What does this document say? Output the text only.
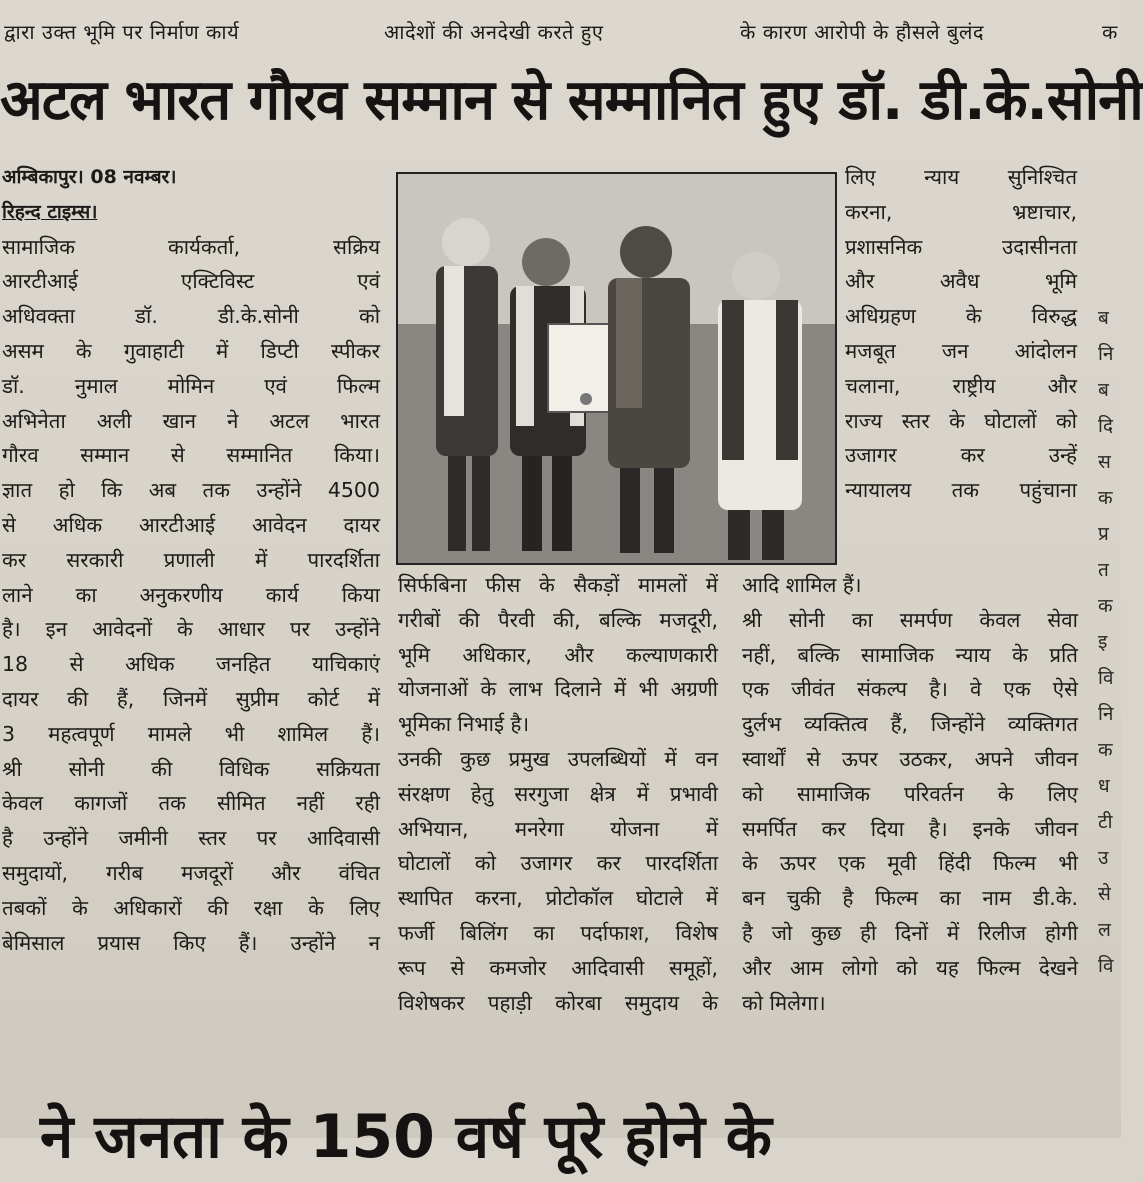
द्वारा उक्त भूमि पर निर्माण कार्य	आदेशों की अनदेखी करते हुए	के कारण आरोपी के हौसले बुलंद	क
अटल भारत गौरव सम्मान से सम्मानित हुए डॉ. डी.के.सोनी
अम्बिकापुर। 08 नवम्बर।
रिहन्द टाइम्स।
सामाजिक कार्यकर्ता, सक्रिय
आरटीआई एक्टिविस्ट एवं
अधिवक्ता डॉ. डी.के.सोनी को
असम के गुवाहाटी में डिप्टी स्पीकर
डॉ. नुमाल मोमिन एवं फिल्म
अभिनेता अली खान ने अटल भारत
गौरव सम्मान से सम्मानित किया।
ज्ञात हो कि अब तक उन्होंने 4500
से अधिक आरटीआई आवेदन दायर
कर सरकारी प्रणाली में पारदर्शिता
लाने का अनुकरणीय कार्य किया
है। इन आवेदनों के आधार पर उन्होंने
18 से अधिक जनहित याचिकाएं
दायर की हैं, जिनमें सुप्रीम कोर्ट में
3 महत्वपूर्ण मामले भी शामिल हैं।
श्री सोनी की विधिक सक्रियता
केवल कागजों तक सीमित नहीं रही
है उन्होंने जमीनी स्तर पर आदिवासी
समुदायों, गरीब मजदूरों और वंचित
तबकों के अधिकारों की रक्षा के लिए
बेमिसाल प्रयास किए हैं। उन्होंने न
लिए न्याय सुनिश्चित
करना, भ्रष्टाचार,
प्रशासनिक उदासीनता
और अवैध भूमि
अधिग्रहण के विरुद्ध
मजबूत जन आंदोलन
चलाना, राष्ट्रीय और
राज्य स्तर के घोटालों को
उजागर कर उन्हें
न्यायालय तक पहुंचाना
सिर्फबिना फीस के सैकड़ों मामलों में
गरीबों की पैरवी की, बल्कि मजदूरी,
भूमि अधिकार, और कल्याणकारी
योजनाओं के लाभ दिलाने में भी अग्रणी
भूमिका निभाई है।
उनकी कुछ प्रमुख उपलब्धियों में वन
संरक्षण हेतु सरगुजा क्षेत्र में प्रभावी
अभियान, मनरेगा योजना में
घोटालों को उजागर कर पारदर्शिता
स्थापित करना, प्रोटोकॉल घोटाले में
फर्जी बिलिंग का पर्दाफाश, विशेष
रूप से कमजोर आदिवासी समूहों,
विशेषकर पहाड़ी कोरबा समुदाय के
आदि शामिल हैं।
श्री सोनी का समर्पण केवल सेवा
नहीं, बल्कि सामाजिक न्याय के प्रति
एक जीवंत संकल्प है। वे एक ऐसे
दुर्लभ व्यक्तित्व हैं, जिन्होंने व्यक्तिगत
स्वार्थों से ऊपर उठकर, अपने जीवन
को सामाजिक परिवर्तन के लिए
समर्पित कर दिया है। इनके जीवन
के ऊपर एक मूवी हिंदी फिल्म भी
बन चुकी है फिल्म का नाम डी.के.
है जो कुछ ही दिनों में रिलीज होगी
और आम लोगो को यह फिल्म देखने
को मिलेगा।
ब
नि
ब
दि
स
क
प्र
त
क
इ
वि
नि
क
ध
टी
उ
से
ल
वि
ने जनता के 150 वर्ष पूरे होने के
